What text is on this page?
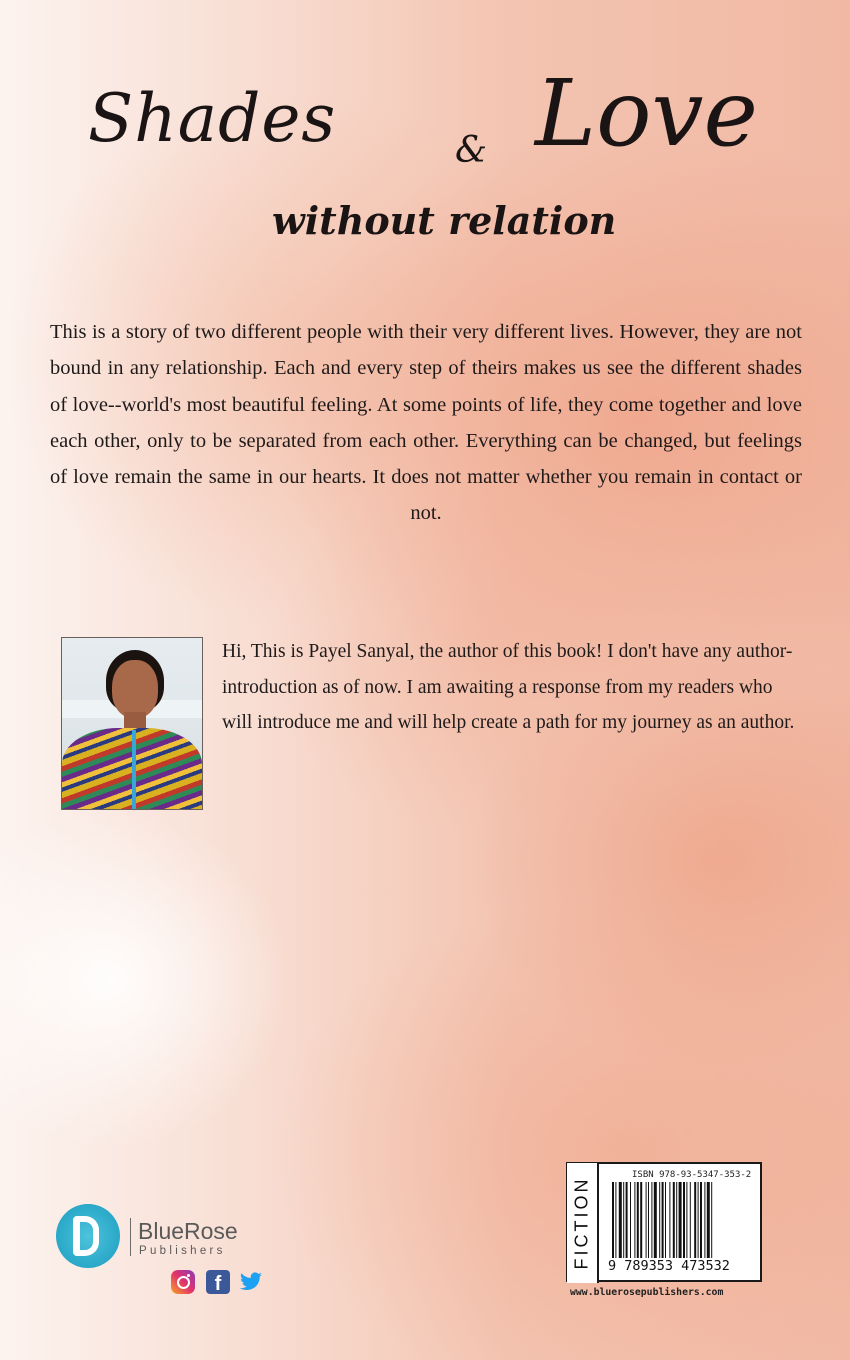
Shades	& Love
without relation

This is a story of two different people with their very different lives. However, they are not bound in any relationship. Each and every step of theirs makes us see the different shades of love--world's most beautiful feeling. At some points of life, they come together and love each other, only to be separated from each other. Everything can be changed, but feelings of love remain the same in our hearts. It does not matter whether you remain in contact or not.

Hi, This is Payel Sanyal, the author of this book! I don't have any author-introduction as of now. I am awaiting a response from my readers who will introduce me and will help create a path for my journey as an author.

BlueRose
Publishers
f
FICTION
ISBN 978-93-5347-353-2
9 789353 473532
www.bluerosepublishers.com
